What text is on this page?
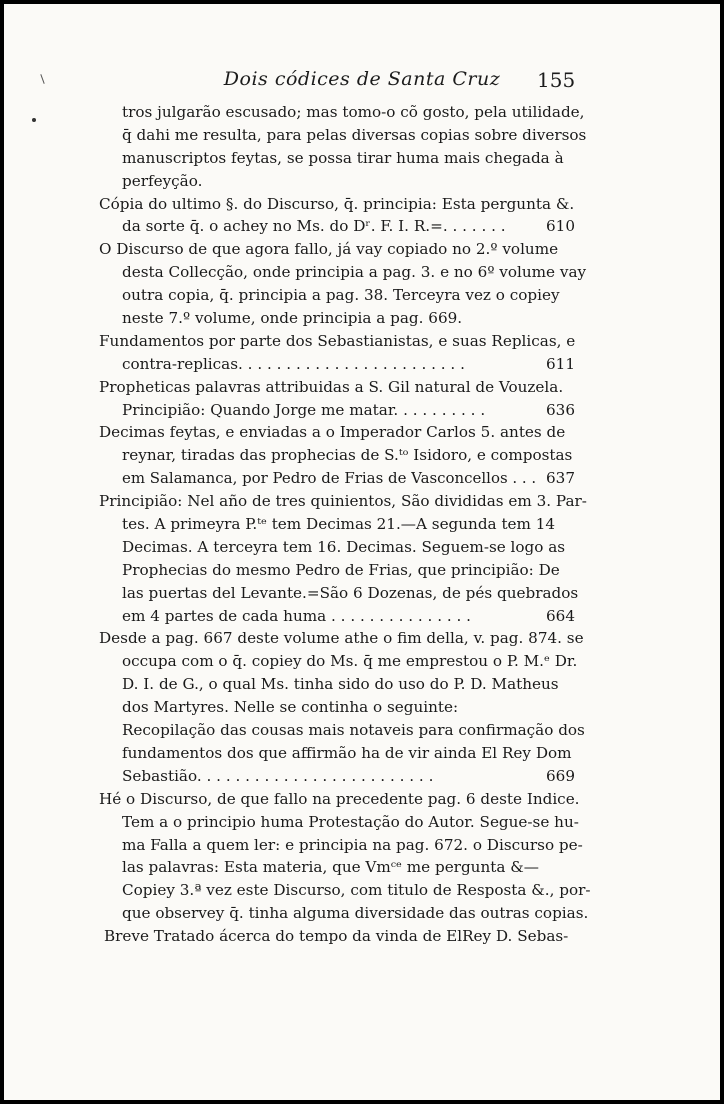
Dois códices de Santa Cruz	155
tros julgarão escusado; mas tomo-o cõ gosto, pela utilidade,
q̄ dahi me resulta, para pelas diversas copias sobre diversos
manuscriptos feytas, se possa tirar huma mais chegada à
perfeyção.
Cópia do ultimo §. do Discurso, q̄. principia: Esta pergunta &.
da sorte q̄. o achey no Ms. do Dʳ. F. I. R.=. . . . . . .	610
O Discurso de que agora fallo, já vay copiado no 2.º volume
desta Collecção, onde principia a pag. 3. e no 6º volume vay
outra copia, q̄. principia a pag. 38. Terceyra vez o copiey
neste 7.º volume, onde principia a pag. 669.
Fundamentos por parte dos Sebastianistas, e suas Replicas, e
contra-replicas. . . . . . . . . . . . . . . . . . . . . . . .	611
Propheticas palavras attribuidas a S. Gil natural de Vouzela.
Principião: Quando Jorge me matar. . . . . . . . . .	636
Decimas feytas, e enviadas a o Imperador Carlos 5. antes de
reynar, tiradas das prophecias de S.ᵗᵒ Isidoro, e compostas
em Salamanca, por Pedro de Frias de Vasconcellos . . . 637
Principião: Nel año de tres quinientos, São divididas em 3. Par-
tes. A primeyra P.ᵗᵉ tem Decimas 21.—A segunda tem 14
Decimas. A terceyra tem 16. Decimas. Seguem-se logo as
Prophecias do mesmo Pedro de Frias, que principião: De
las puertas del Levante.=São 6 Dozenas, de pés quebrados
em 4 partes de cada huma . . . . . . . . . . . . . . .	664
Desde a pag. 667 deste volume athe o fim della, v. pag. 874. se
occupa com o q̄. copiey do Ms. q̄ me emprestou o P. M.ᵉ Dr.
D. I. de G., o qual Ms. tinha sido do uso do P. D. Matheus
dos Martyres. Nelle se continha o seguinte:
Recopilação das cousas mais notaveis para confirmação dos
fundamentos dos que affirmão ha de vir ainda El Rey Dom
Sebastião. . . . . . . . . . . . . . . . . . . . . . . . .	669
Hé o Discurso, de que fallo na precedente pag. 6 deste Indice.
Tem a o principio huma Protestação do Autor. Segue-se hu-
ma Falla a quem ler: e principia na pag. 672. o Discurso pe-
las palavras: Esta materia, que Vmᶜᵉ me pergunta &—
Copiey 3.ª vez este Discurso, com titulo de Resposta &., por-
que observey q̄. tinha alguma diversidade das outras copias.
Breve Tratado ácerca do tempo da vinda de ElRey D. Sebas-
